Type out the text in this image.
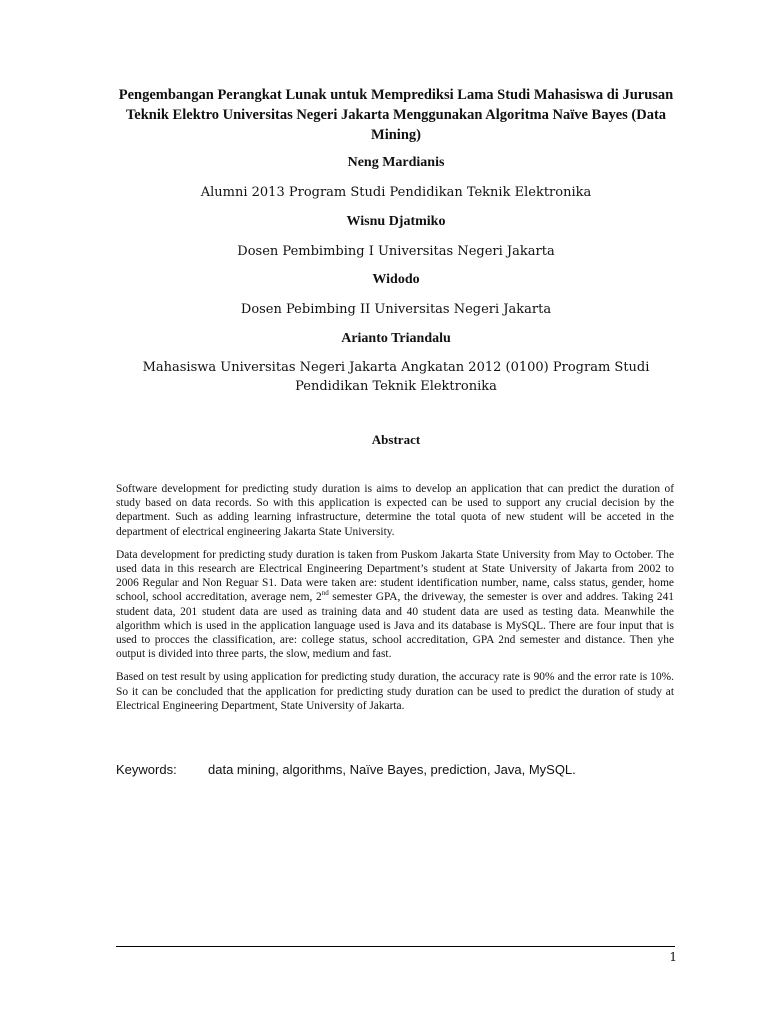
Pengembangan Perangkat Lunak untuk Memprediksi Lama Studi Mahasiswa di Jurusan Teknik Elektro Universitas Negeri Jakarta Menggunakan Algoritma Naïve Bayes (Data Mining)
Neng Mardianis
Alumni 2013 Program Studi Pendidikan Teknik Elektronika
Wisnu Djatmiko
Dosen Pembimbing I Universitas Negeri Jakarta
Widodo
Dosen Pebimbing II Universitas Negeri Jakarta
Arianto Triandalu
Mahasiswa Universitas Negeri Jakarta Angkatan 2012 (0100) Program Studi Pendidikan Teknik Elektronika
Abstract

Software development for predicting study duration is aims to develop an application that can predict the duration of study based on data records. So with this application is expected can be used to support any crucial decision by the department. Such as adding learning infrastructure, determine the total quota of new student will be acceted in the department of electrical engineering Jakarta State University.

Data development for predicting study duration is taken from Puskom Jakarta State University from May to October. The used data in this research are Electrical Engineering Department’s student at State University of Jakarta from 2002 to 2006 Regular and Non Reguar S1. Data were taken are: student identification number, name, calss status, gender, home school, school accreditation, average nem, 2nd semester GPA, the driveway, the semester is over and addres. Taking 241 student data, 201 student data are used as training data and 40 student data are used as testing data. Meanwhile the algorithm which is used in the application language used is Java and its database is MySQL. There are four input that is used to procces the classification, are: college status, school accreditation, GPA 2nd semester and distance. Then yhe output is divided into three parts, the slow, medium and fast.

Based on test result by using application for predicting study duration, the accuracy rate is 90% and the error rate is 10%. So it can be concluded that the application for predicting study duration can be used to predict the duration of study at Electrical Engineering Department, State University of Jakarta.

Keywords: data mining, algorithms, Naïve Bayes, prediction, Java, MySQL.
1
